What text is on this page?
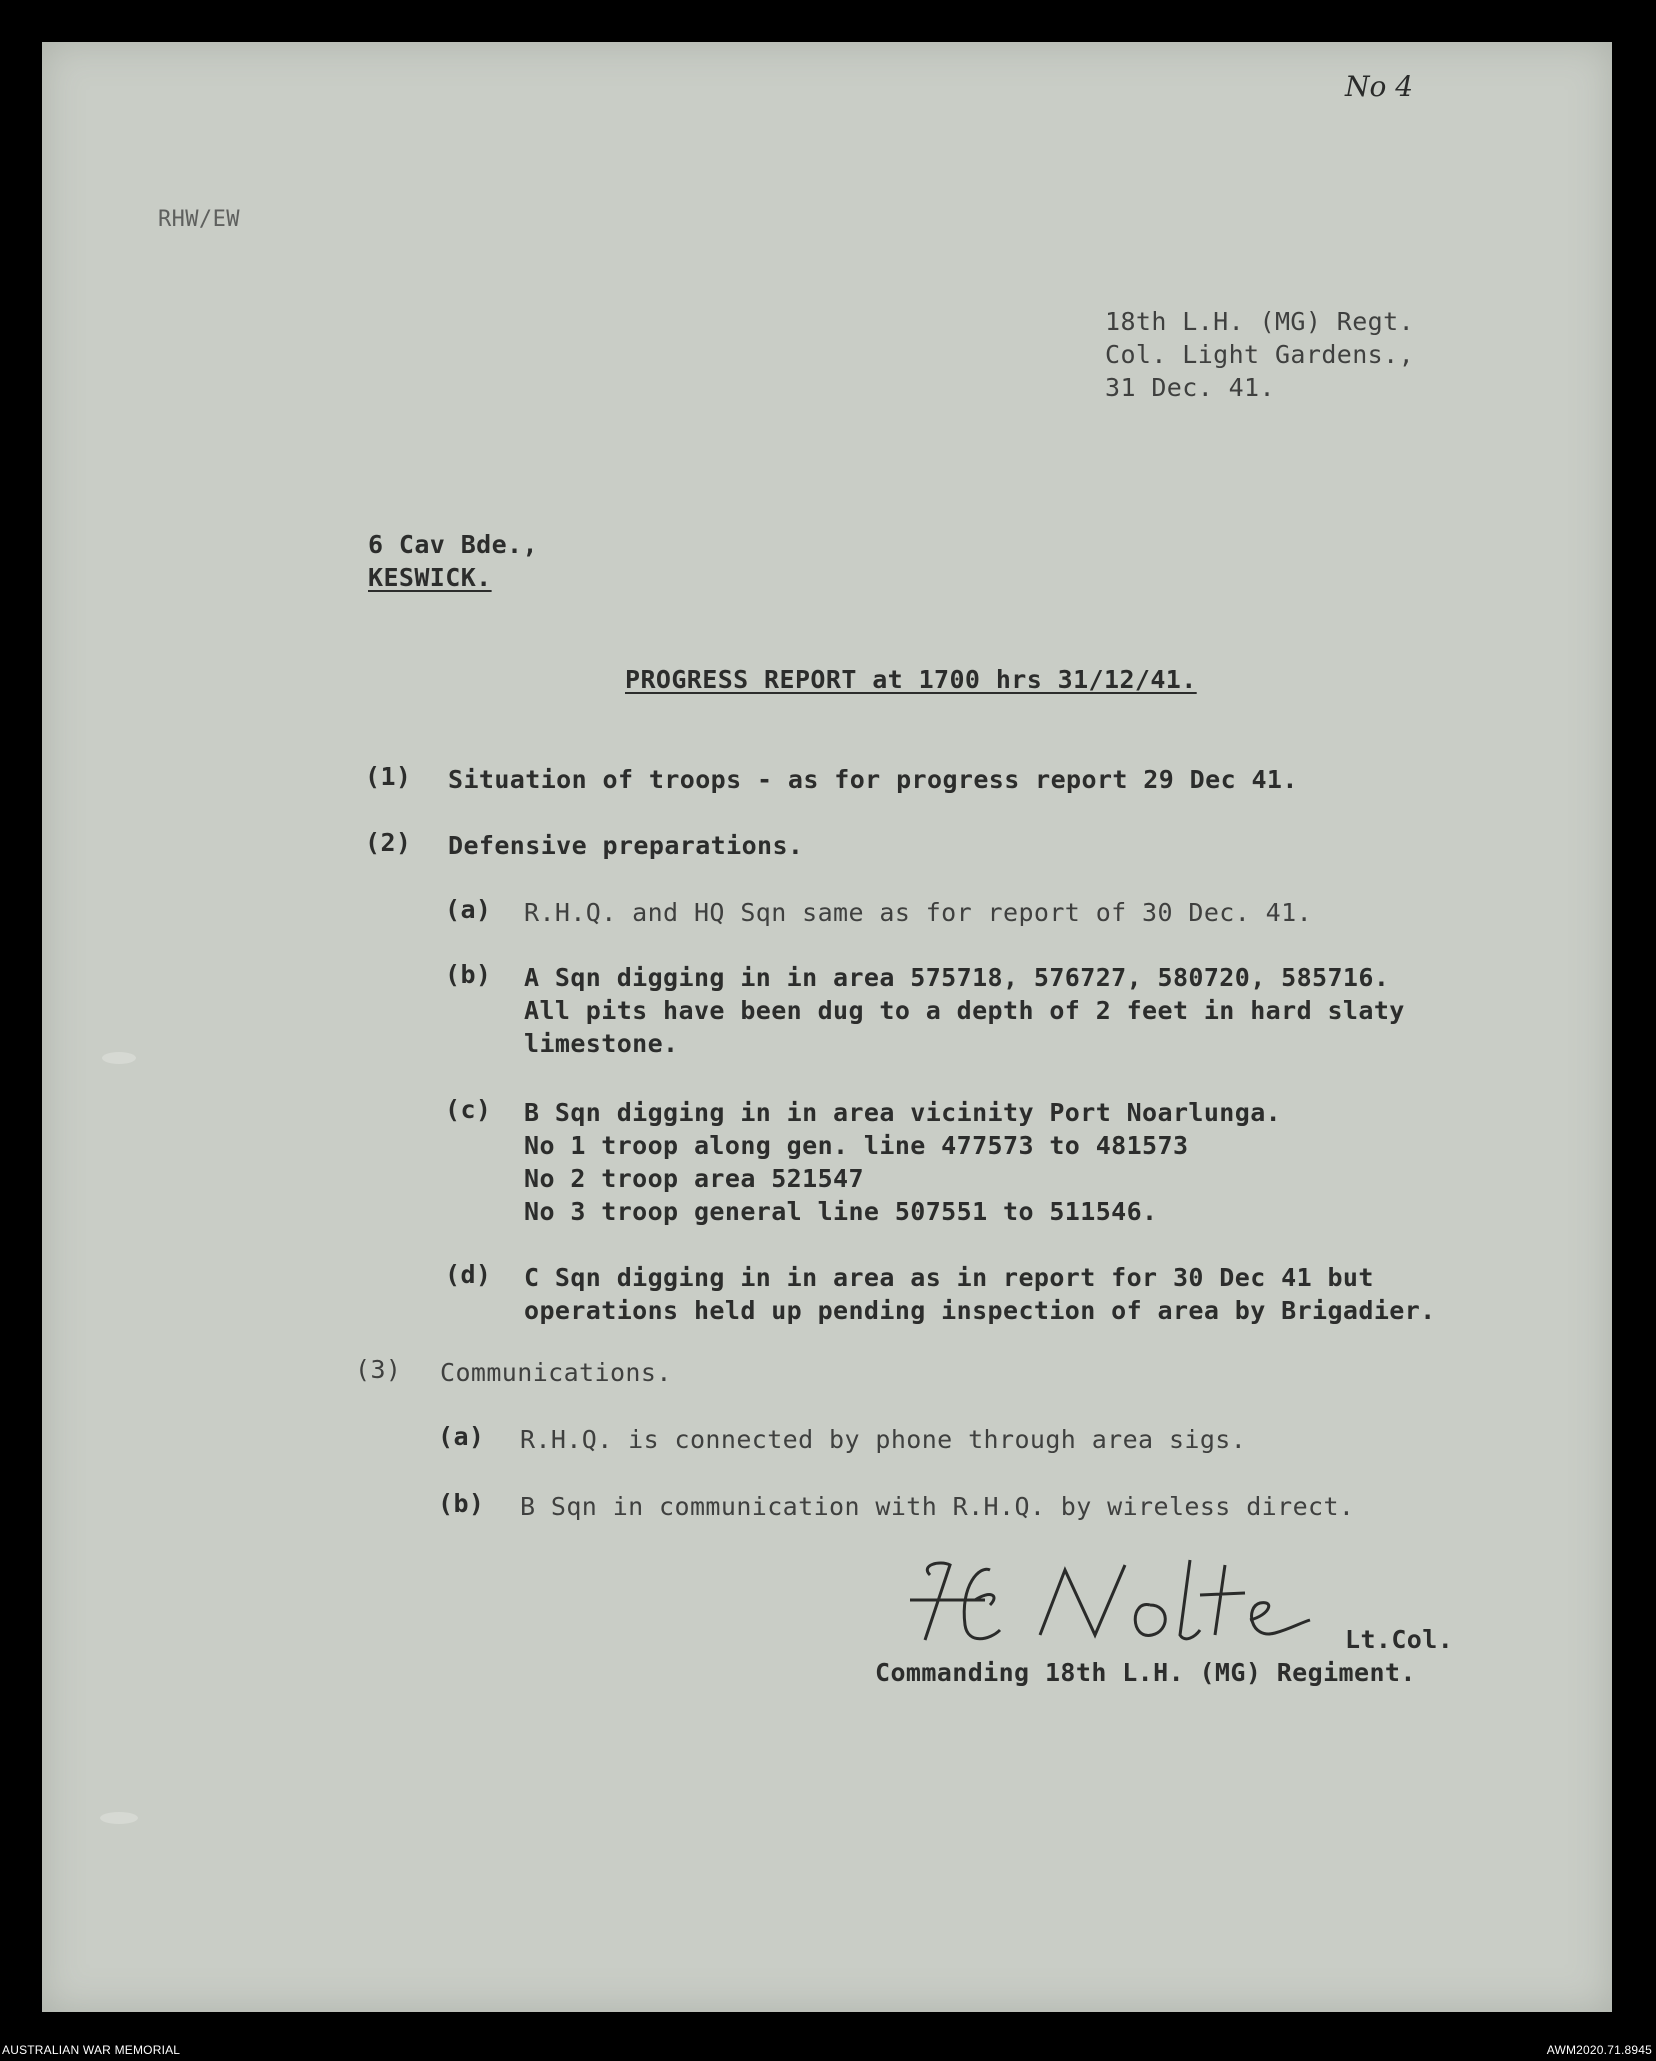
No 4
RHW/EW
18th L.H. (MG) Regt.
Col. Light Gardens.,
31 Dec. 41.
6 Cav Bde.,
KESWICK.
PROGRESS REPORT at 1700 hrs 31/12/41.
(1) Situation of troops - as for progress report 29 Dec 41.
(2) Defensive preparations.
(a) R.H.Q. and HQ Sqn same as for report of 30 Dec. 41.
(b) A Sqn digging in in area 575718, 576727, 580720, 585716.
All pits have been dug to a depth of 2 feet in hard slaty
limestone.
(c) B Sqn digging in in area vicinity Port Noarlunga.
No 1 troop along gen. line 477573 to 481573
No 2 troop area 521547
No 3 troop general line 507551 to 511546.
(d) C Sqn digging in in area as in report for 30 Dec 41 but
operations held up pending inspection of area by Brigadier.
(3) Communications.
(a) R.H.Q. is connected by phone through area sigs.
(b) B Sqn in communication with R.H.Q. by wireless direct.
Lt.Col.
Commanding 18th L.H. (MG) Regiment.
AUSTRALIAN WAR MEMORIAL	AWM2020.71.8945
